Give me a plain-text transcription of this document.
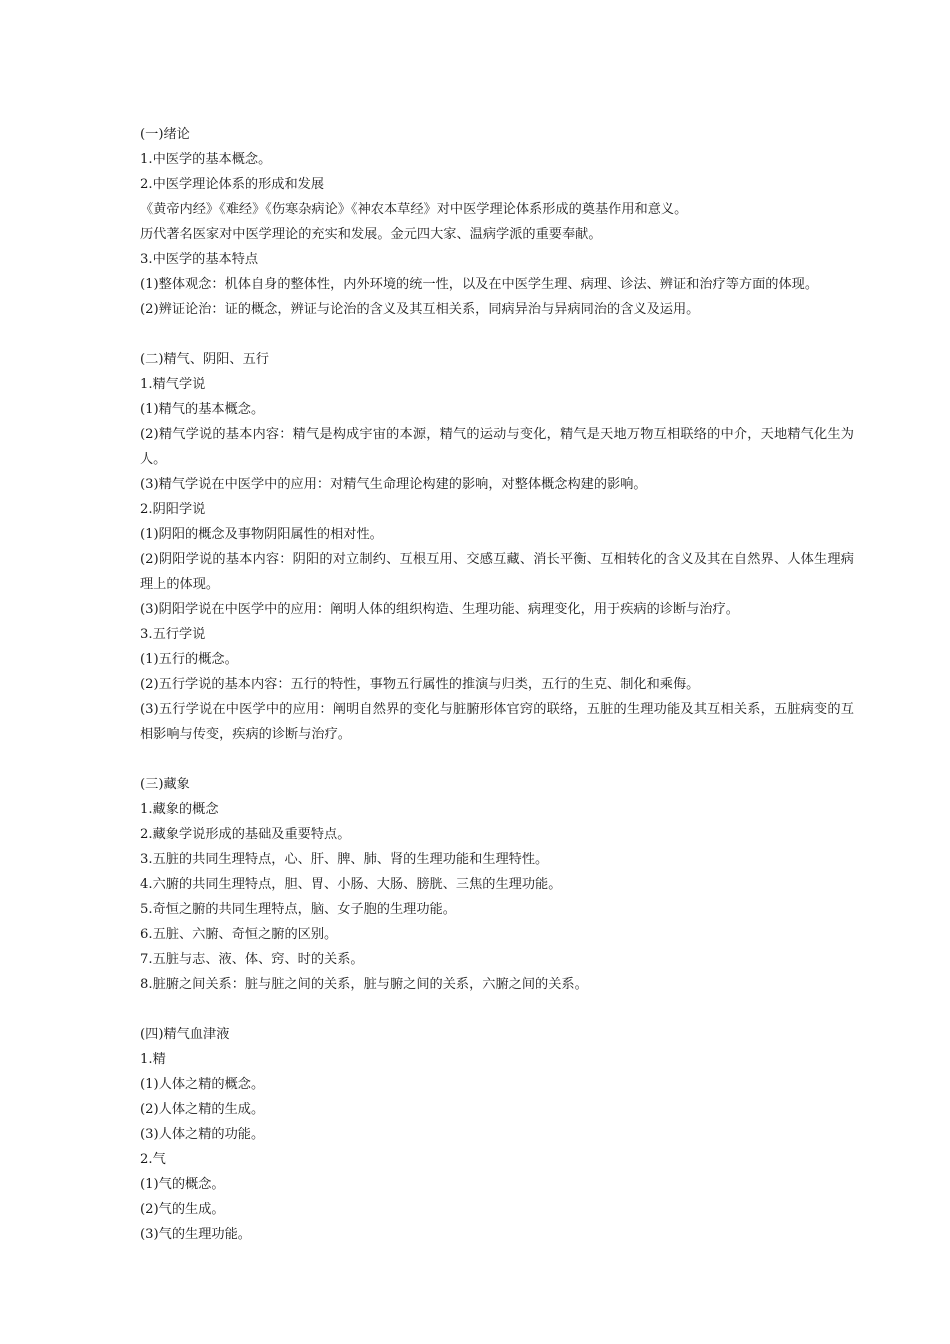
(一)绪论

1.中医学的基本概念。

2.中医学理论体系的形成和发展

《黄帝内经》《难经》《伤寒杂病论》《神农本草经》对中医学理论体系形成的奠基作用和意义。

历代著名医家对中医学理论的充实和发展。金元四大家、温病学派的重要奉献。

3.中医学的基本特点

(1)整体观念：机体自身的整体性，内外环境的统一性，以及在中医学生理、病理、诊法、辨证和治疗等方面的体现。

(2)辨证论治：证的概念，辨证与论治的含义及其互相关系，同病异治与异病同治的含义及运用。

(二)精气、阴阳、五行

1.精气学说

(1)精气的基本概念。

(2)精气学说的基本内容：精气是构成宇宙的本源，精气的运动与变化，精气是天地万物互相联络的中介，天地精气化生为人。

(3)精气学说在中医学中的应用：对精气生命理论构建的影响，对整体概念构建的影响。

2.阴阳学说

(1)阴阳的概念及事物阴阳属性的相对性。

(2)阴阳学说的基本内容：阴阳的对立制约、互根互用、交感互藏、消长平衡、互相转化的含义及其在自然界、人体生理病理上的体现。

(3)阴阳学说在中医学中的应用：阐明人体的组织构造、生理功能、病理变化，用于疾病的诊断与治疗。

3.五行学说

(1)五行的概念。

(2)五行学说的基本内容：五行的特性，事物五行属性的推演与归类，五行的生克、制化和乘侮。

(3)五行学说在中医学中的应用：阐明自然界的变化与脏腑形体官窍的联络，五脏的生理功能及其互相关系，五脏病变的互相影响与传变，疾病的诊断与治疗。

(三)藏象

1.藏象的概念

2.藏象学说形成的基础及重要特点。

3.五脏的共同生理特点，心、肝、脾、肺、肾的生理功能和生理特性。

4.六腑的共同生理特点，胆、胃、小肠、大肠、膀胱、三焦的生理功能。

5.奇恒之腑的共同生理特点，脑、女子胞的生理功能。

6.五脏、六腑、奇恒之腑的区别。

7.五脏与志、液、体、窍、时的关系。

8.脏腑之间关系：脏与脏之间的关系，脏与腑之间的关系，六腑之间的关系。

(四)精气血津液

1.精

(1)人体之精的概念。

(2)人体之精的生成。

(3)人体之精的功能。

2.气

(1)气的概念。

(2)气的生成。

(3)气的生理功能。
